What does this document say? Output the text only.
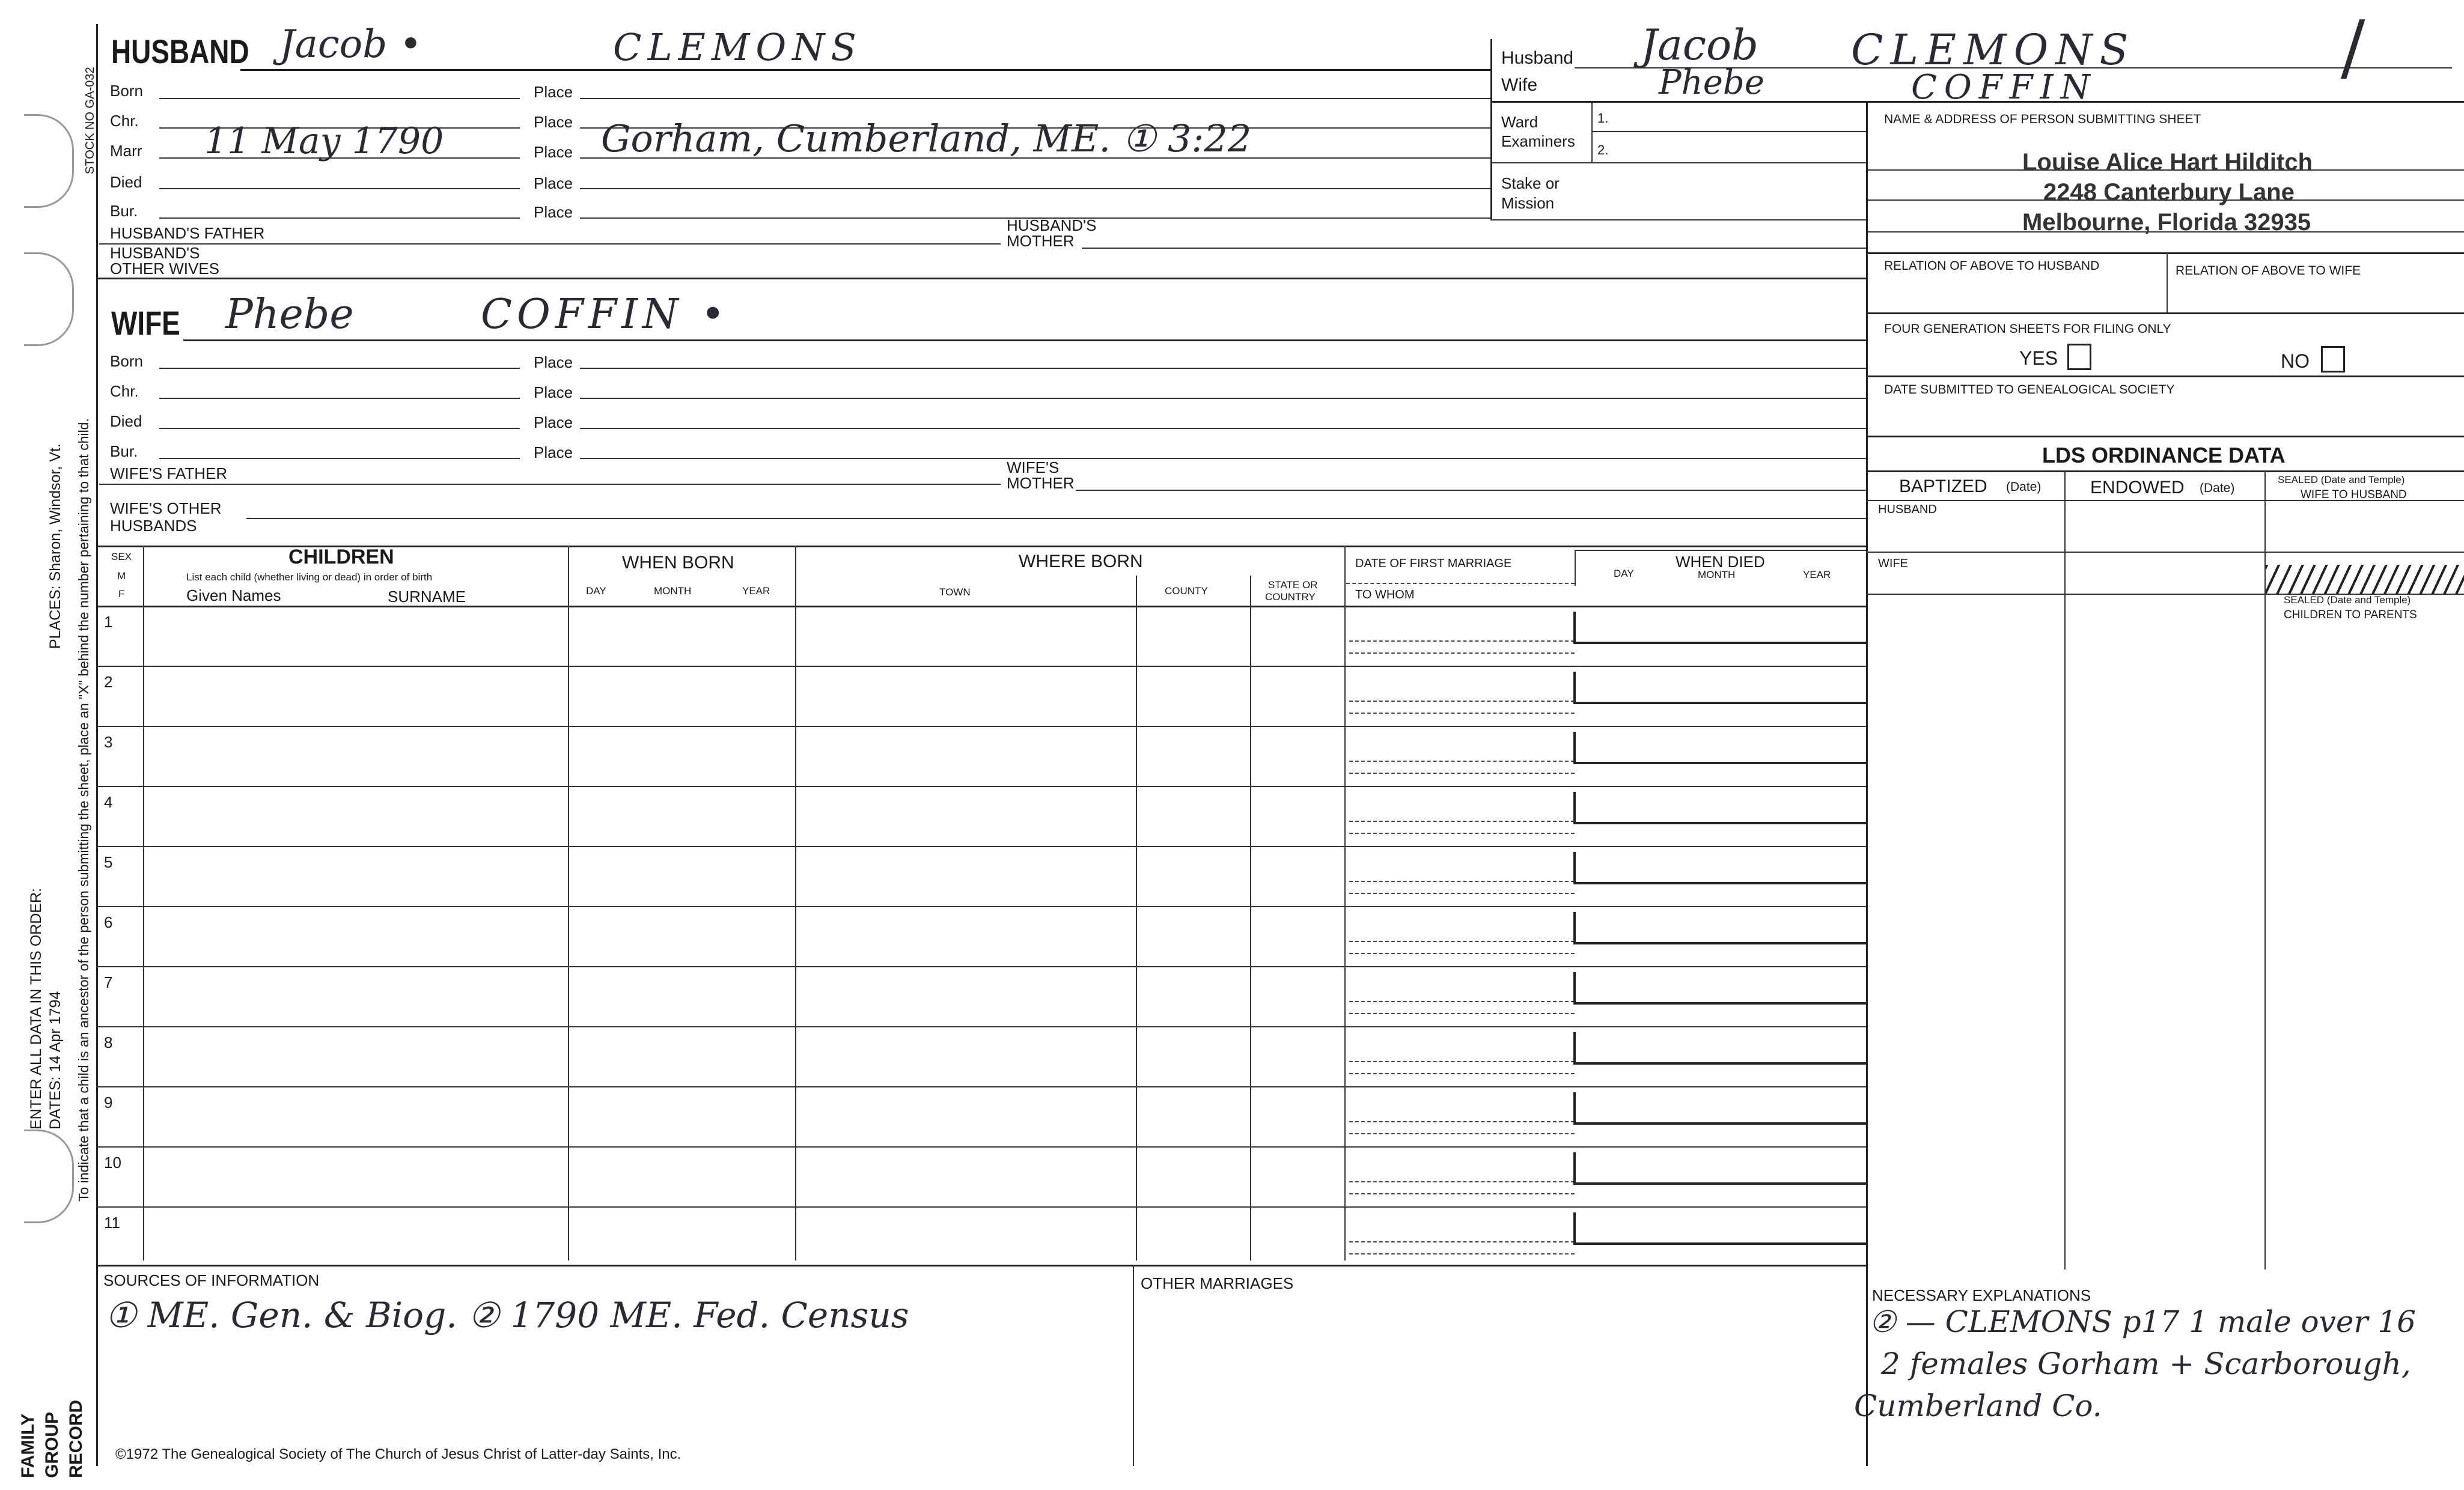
STOCK NO GA-032
PLACES: Sharon, Windsor, Vt. To indicate that a child is an ancestor of the person submitting the sheet, place an "X" behind the number pertaining to that child.
ENTER ALL DATA IN THIS ORDER: DATES: 14 Apr 1794
FAMILY GROUP RECORD
HUSBAND Jacob •	CLEMONS
Born	Place
Chr.	Place
Marr 11 May 1790	Place Gorham, Cumberland, ME. ① 3:22
Died	Place
Bur.	Place
HUSBAND'S FATHER	HUSBAND'S
MOTHER
HUSBAND'S
OTHER WIVES
WIFE Phebe	COFFIN •
Born	Place
Chr.	Place
Died	Place
Bur.	Place
WIFE'S FATHER	WIFE'S
MOTHER
WIFE'S OTHER
HUSBANDS
Husband Jacob CLEMONS
Wife	Phebe	COFFIN	/
Ward
Examiners
1.
2.
Stake or
Mission
NAME & ADDRESS OF PERSON SUBMITTING SHEET
Louise Alice Hart Hilditch
2248 Canterbury Lane
Melbourne, Florida 32935
RELATION OF ABOVE TO HUSBAND	RELATION OF ABOVE TO WIFE
FOUR GENERATION SHEETS FOR FILING ONLY
YES	NO
DATE SUBMITTED TO GENEALOGICAL SOCIETY
LDS ORDINANCE DATA
BAPTIZED (Date)	ENDOWED (Date)
SEALED (Date and Temple)
WIFE TO HUSBAND
HUSBAND
WIFE
SEALED (Date and Temple)
CHILDREN TO PARENTS
SEX
M
F
CHILDREN
List each child (whether living or dead) in order of birth
Given Names	SURNAME
WHEN BORN
DAY	MONTH	YEAR
WHERE BORN
TOWN	COUNTY
STATE OR
COUNTRY
DATE OF FIRST MARRIAGE
TO WHOM
WHEN DIED
DAY	MONTH	YEAR
1
2
3
4
5
6
7
8
9
10
11
SOURCES OF INFORMATION
① ME. Gen. & Biog. ② 1790 ME. Fed. Census
OTHER MARRIAGES
NECESSARY EXPLANATIONS
② — CLEMONS p17 1 male over 16
2 females Gorham + Scarborough,
Cumberland Co.
©1972 The Genealogical Society of The Church of Jesus Christ of Latter-day Saints, Inc.
